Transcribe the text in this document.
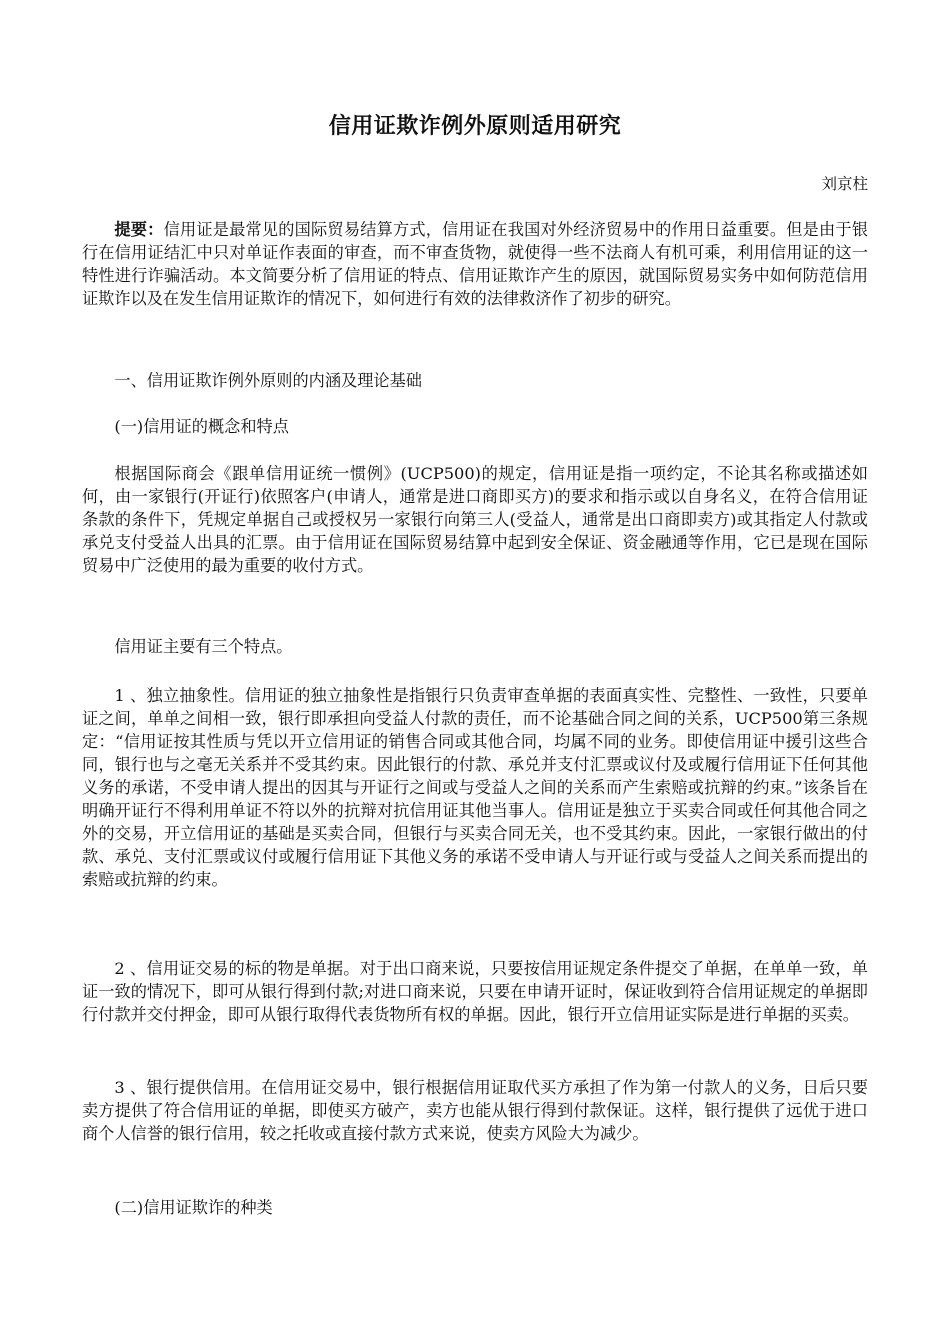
信用证欺诈例外原则适用研究
刘京柱

提要：信用证是最常见的国际贸易结算方式，信用证在我国对外经济贸易中的作用日益重要。但是由于银行在信用证结汇中只对单证作表面的审查，而不审查货物，就使得一些不法商人有机可乘，利用信用证的这一特性进行诈骗活动。本文简要分析了信用证的特点、信用证欺诈产生的原因，就国际贸易实务中如何防范信用证欺诈以及在发生信用证欺诈的情况下，如何进行有效的法律救济作了初步的研究。

一、信用证欺诈例外原则的内涵及理论基础

(一)信用证的概念和特点

根据国际商会《跟单信用证统一惯例》(UCP500)的规定，信用证是指一项约定，不论其名称或描述如何，由一家银行(开证行)依照客户(申请人，通常是进口商即买方)的要求和指示或以自身名义，在符合信用证条款的条件下，凭规定单据自己或授权另一家银行向第三人(受益人，通常是出口商即卖方)或其指定人付款或承兑支付受益人出具的汇票。由于信用证在国际贸易结算中起到安全保证、资金融通等作用，它已是现在国际贸易中广泛使用的最为重要的收付方式。

信用证主要有三个特点。

1 、独立抽象性。信用证的独立抽象性是指银行只负责审查单据的表面真实性、完整性、一致性，只要单证之间，单单之间相一致，银行即承担向受益人付款的责任，而不论基础合同之间的关系，UCP500第三条规定：“信用证按其性质与凭以开立信用证的销售合同或其他合同，均属不同的业务。即使信用证中援引这些合同，银行也与之毫无关系并不受其约束。因此银行的付款、承兑并支付汇票或议付及或履行信用证下任何其他义务的承诺，不受申请人提出的因其与开证行之间或与受益人之间的关系而产生索赔或抗辩的约束。”该条旨在明确开证行不得利用单证不符以外的抗辩对抗信用证其他当事人。信用证是独立于买卖合同或任何其他合同之外的交易，开立信用证的基础是买卖合同，但银行与买卖合同无关，也不受其约束。因此，一家银行做出的付款、承兑、支付汇票或议付或履行信用证下其他义务的承诺不受申请人与开证行或与受益人之间关系而提出的索赔或抗辩的约束。

2 、信用证交易的标的物是单据。对于出口商来说，只要按信用证规定条件提交了单据，在单单一致，单证一致的情况下，即可从银行得到付款;对进口商来说，只要在申请开证时，保证收到符合信用证规定的单据即行付款并交付押金，即可从银行取得代表货物所有权的单据。因此，银行开立信用证实际是进行单据的买卖。

3 、银行提供信用。在信用证交易中，银行根据信用证取代买方承担了作为第一付款人的义务，日后只要卖方提供了符合信用证的单据，即使买方破产，卖方也能从银行得到付款保证。这样，银行提供了远优于进口商个人信誉的银行信用，较之托收或直接付款方式来说，使卖方风险大为减少。

(二)信用证欺诈的种类
